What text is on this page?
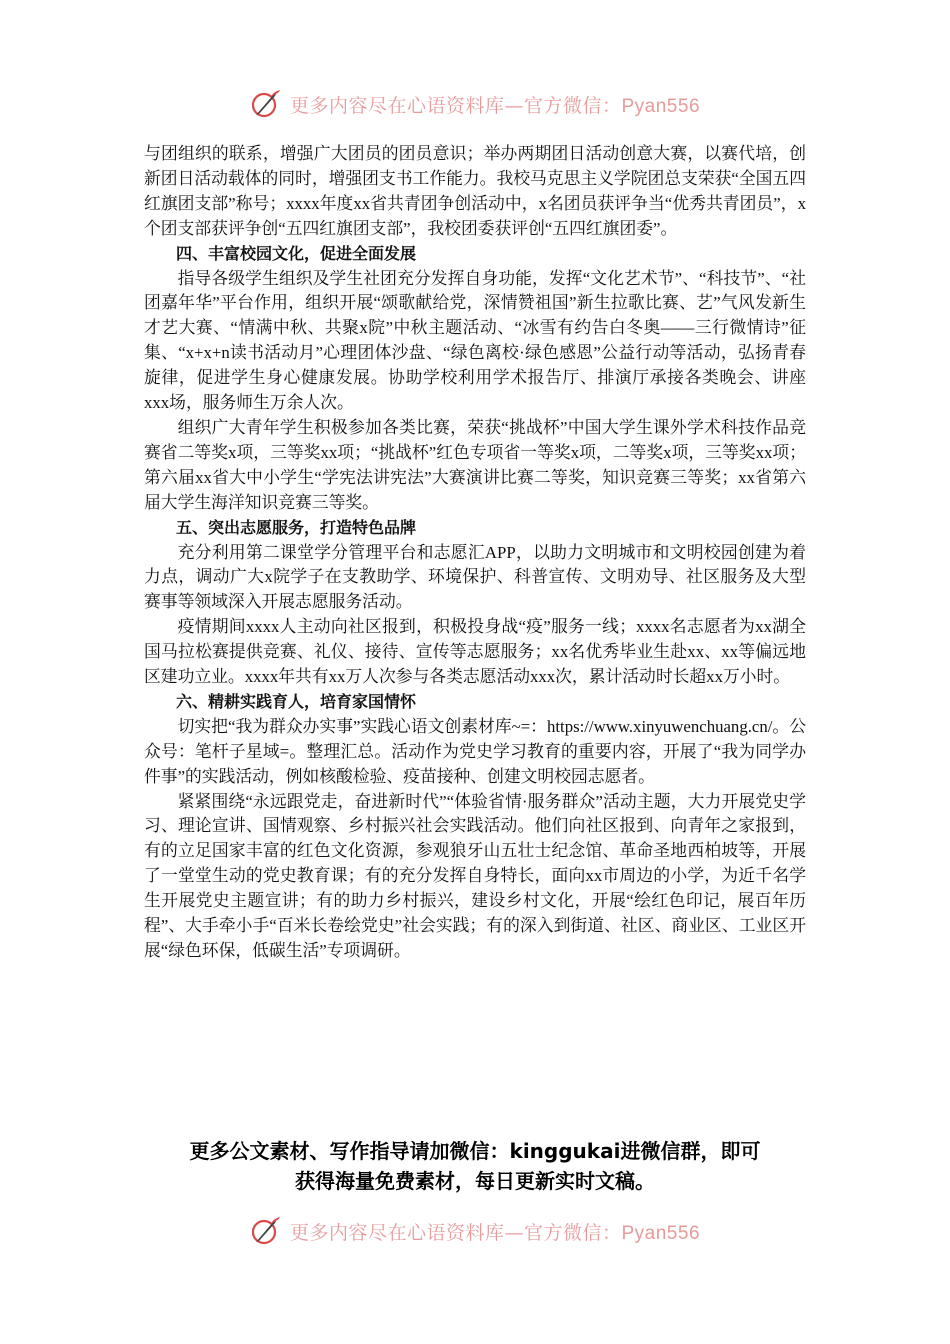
更多内容尽在心语资料库—官方微信：Pyan556

与团组织的联系，增强广大团员的团员意识；举办两期团日活动创意大赛，以赛代培，创新团日活动载体的同时，增强团支书工作能力。我校马克思主义学院团总支荣获“全国五四红旗团支部”称号；xxxx年度xx省共青团争创活动中，x名团员获评争当“优秀共青团员”，x个团支部获评争创“五四红旗团支部”，我校团委获评创“五四红旗团委”。

四、丰富校园文化，促进全面发展

指导各级学生组织及学生社团充分发挥自身功能，发挥“文化艺术节”、“科技节”、“社团嘉年华”平台作用，组织开展“颂歌献给党，深情赞祖国”新生拉歌比赛、艺”气风发新生才艺大赛、“情满中秋、共聚x院”中秋主题活动、“冰雪有约告白冬奥——三行微情诗”征集、“x+x+n读书活动月”心理团体沙盘、“绿色离校·绿色感恩”公益行动等活动，弘扬青春旋律，促进学生身心健康发展。协助学校利用学术报告厅、排演厅承接各类晚会、讲座xxx场，服务师生万余人次。

组织广大青年学生积极参加各类比赛，荣获“挑战杯”中国大学生课外学术科技作品竞赛省二等奖x项，三等奖xx项；“挑战杯”红色专项省一等奖x项，二等奖x项，三等奖xx项；第六届xx省大中小学生“学宪法讲宪法”大赛演讲比赛二等奖，知识竞赛三等奖；xx省第六届大学生海洋知识竞赛三等奖。

五、突出志愿服务，打造特色品牌

充分利用第二课堂学分管理平台和志愿汇APP，以助力文明城市和文明校园创建为着力点，调动广大x院学子在支教助学、环境保护、科普宣传、文明劝导、社区服务及大型赛事等领域深入开展志愿服务活动。

疫情期间xxxx人主动向社区报到，积极投身战“疫”服务一线；xxxx名志愿者为xx湖全国马拉松赛提供竞赛、礼仪、接待、宣传等志愿服务；xx名优秀毕业生赴xx、xx等偏远地区建功立业。xxxx年共有xx万人次参与各类志愿活动xxx次，累计活动时长超xx万小时。

六、精耕实践育人，培育家国情怀

切实把“我为群众办实事”实践心语文创素材库~=：https://www.xinyuwenchuang.cn/。公众号：笔杆子星域=。整理汇总。活动作为党史学习教育的重要内容，开展了“我为同学办件事”的实践活动，例如核酸检验、疫苗接种、创建文明校园志愿者。

紧紧围绕“永远跟党走，奋进新时代”“体验省情·服务群众”活动主题，大力开展党史学习、理论宣讲、国情观察、乡村振兴社会实践活动。他们向社区报到、向青年之家报到，有的立足国家丰富的红色文化资源，参观狼牙山五壮士纪念馆、革命圣地西柏坡等，开展了一堂堂生动的党史教育课；有的充分发挥自身特长，面向xx市周边的小学，为近千名学生开展党史主题宣讲；有的助力乡村振兴，建设乡村文化，开展“绘红色印记，展百年历程”、大手牵小手“百米长卷绘党史”社会实践；有的深入到街道、社区、商业区、工业区开展“绿色环保，低碳生活”专项调研。

更多公文素材、写作指导请加微信：kinggukai进微信群，即可
获得海量免费素材，每日更新实时文稿。
更多内容尽在心语资料库—官方微信：Pyan556
